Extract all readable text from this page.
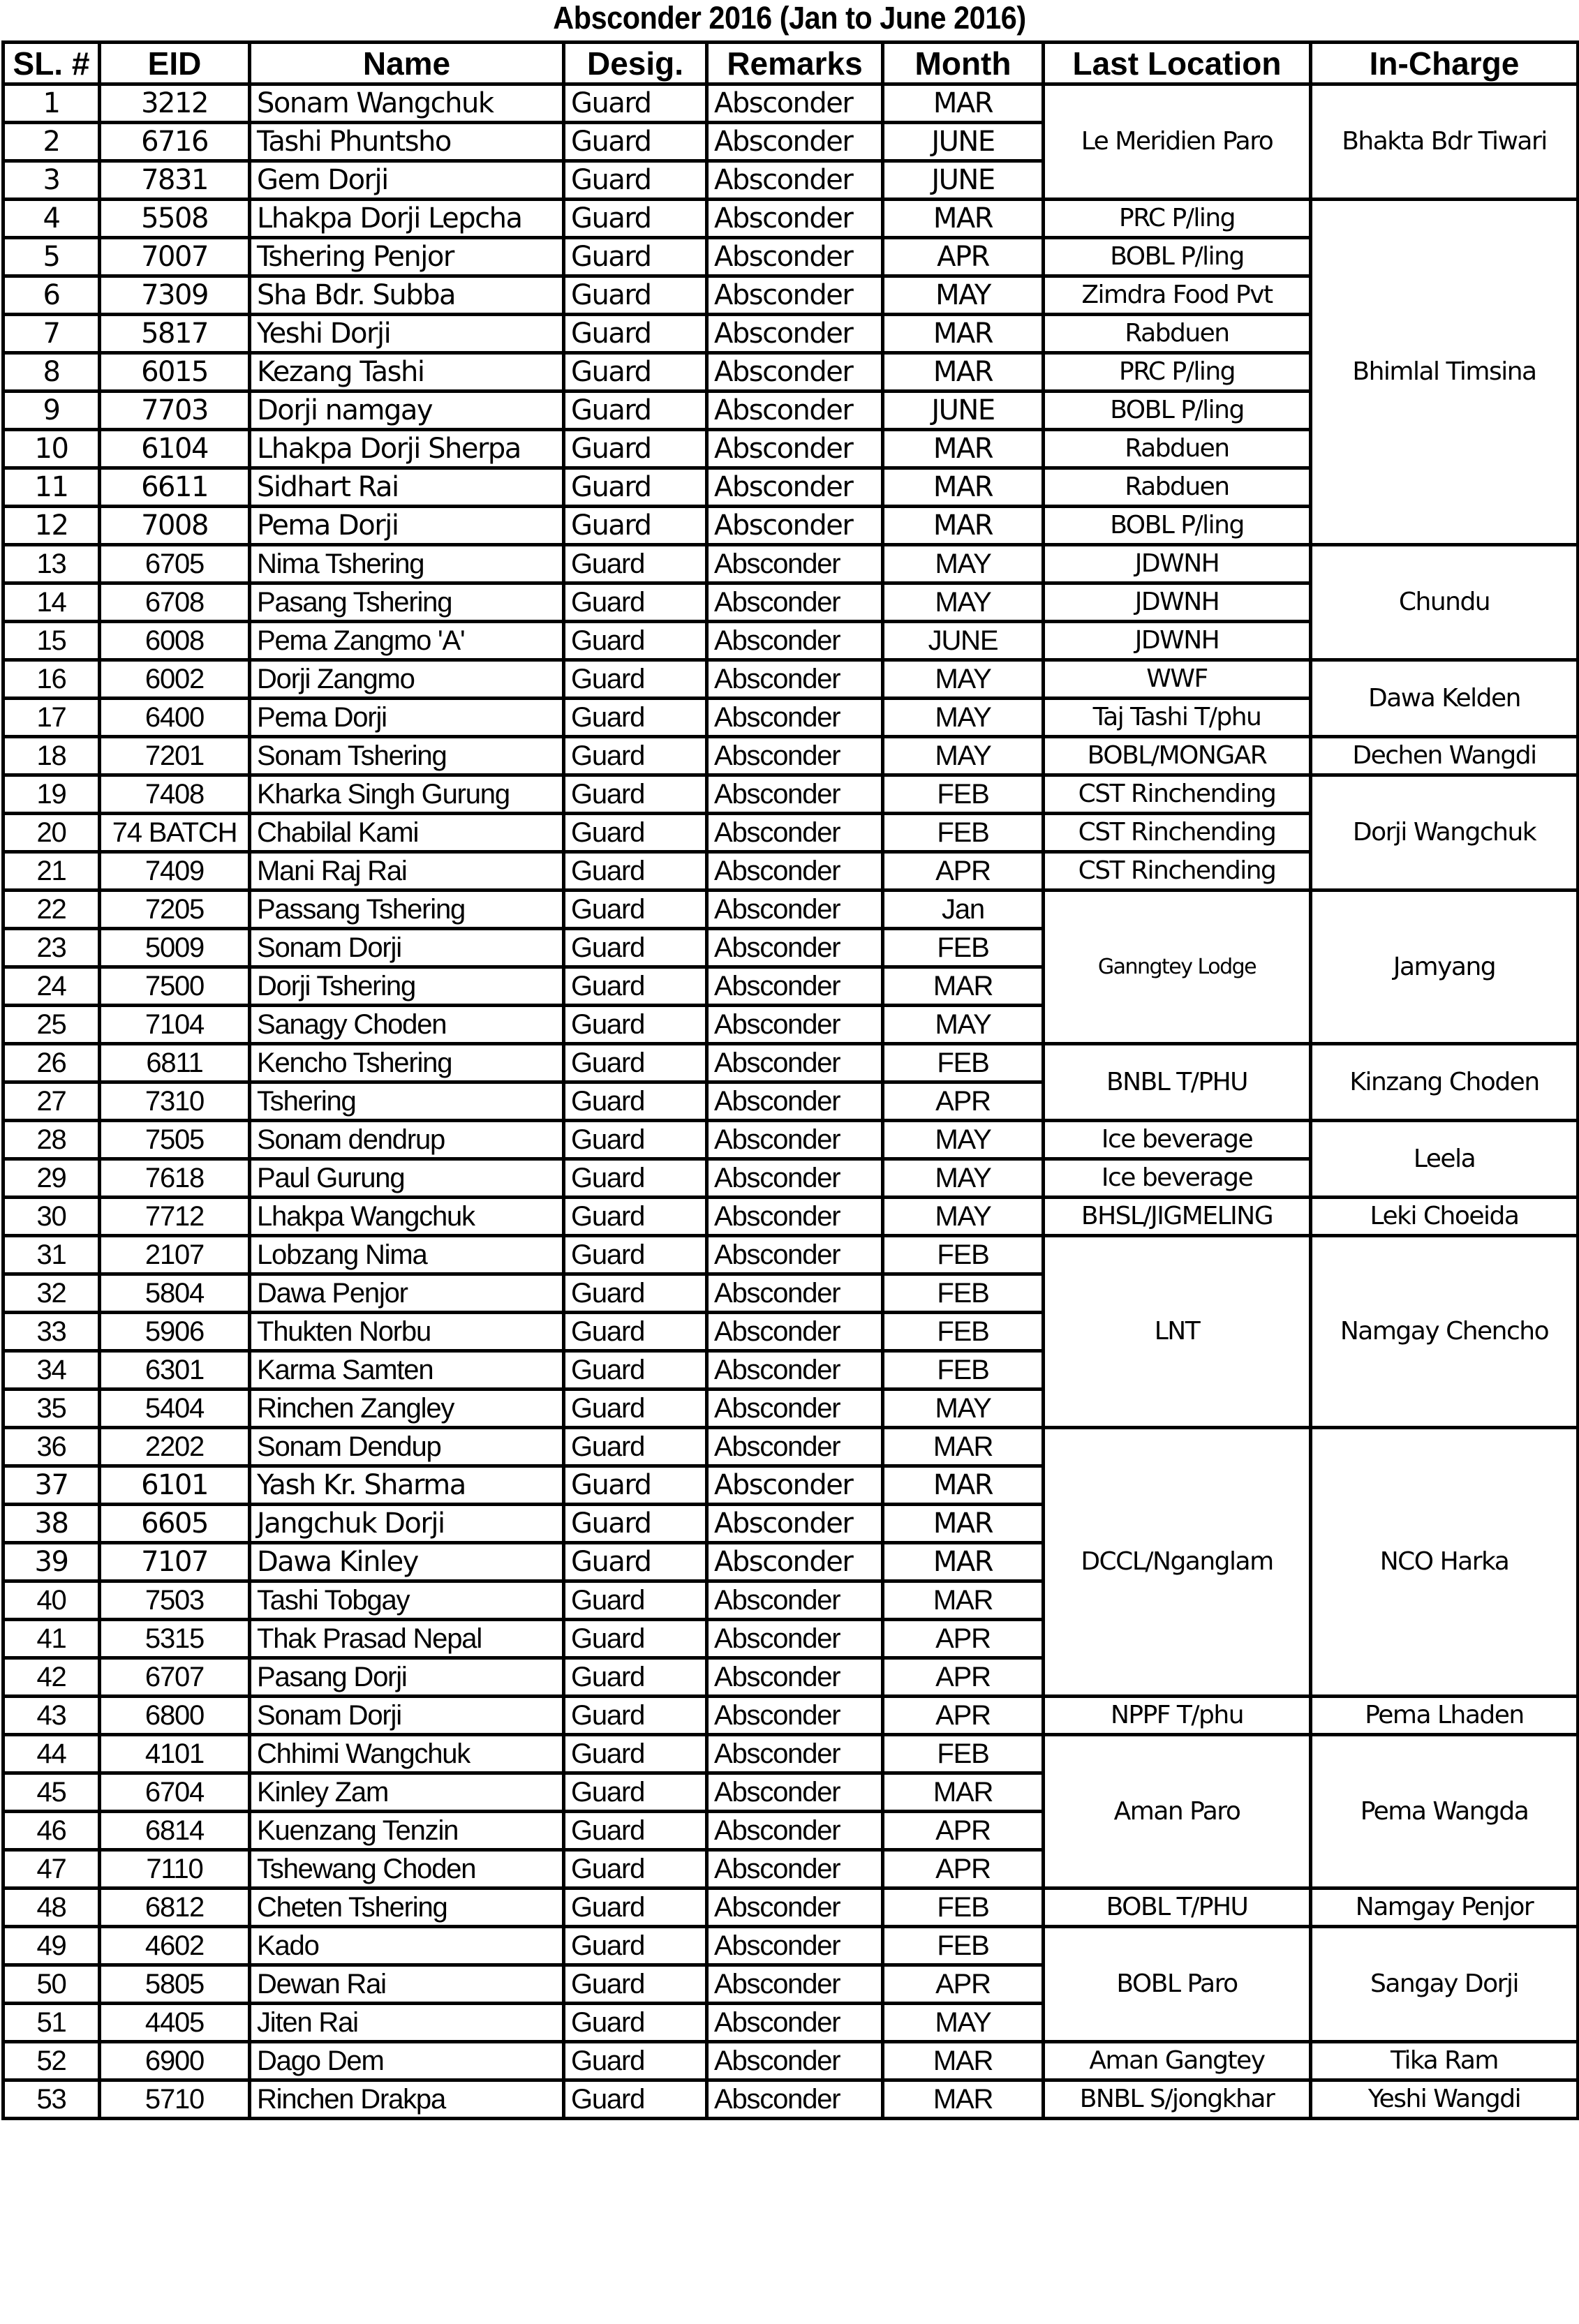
Absconder 2016 (Jan to June 2016)
SL. #	EID	Name	Desig.	Remarks	Month	Last Location	In-Charge
1	3212	Sonam Wangchuk	Guard	Absconder	MAR	Le Meridien Paro	Bhakta Bdr Tiwari
2	6716	Tashi Phuntsho	Guard	Absconder	JUNE		
3	7831	Gem Dorji	Guard	Absconder	JUNE		
4	5508	Lhakpa Dorji Lepcha	Guard	Absconder	MAR	PRC P/ling	Bhimlal Timsina
5	7007	Tshering Penjor	Guard	Absconder	APR	BOBL P/ling	
6	7309	Sha Bdr. Subba	Guard	Absconder	MAY	Zimdra Food Pvt	
7	5817	Yeshi Dorji	Guard	Absconder	MAR	Rabduen	
8	6015	Kezang Tashi	Guard	Absconder	MAR	PRC P/ling	
9	7703	Dorji namgay	Guard	Absconder	JUNE	BOBL P/ling	
10	6104	Lhakpa Dorji Sherpa	Guard	Absconder	MAR	Rabduen	
11	6611	Sidhart Rai	Guard	Absconder	MAR	Rabduen	
12	7008	Pema Dorji	Guard	Absconder	MAR	BOBL P/ling	
13	6705	Nima Tshering	Guard	Absconder	MAY	JDWNH	Chundu
14	6708	Pasang Tshering	Guard	Absconder	MAY	JDWNH	
15	6008	Pema Zangmo 'A'	Guard	Absconder	JUNE	JDWNH	
16	6002	Dorji Zangmo	Guard	Absconder	MAY	WWF	Dawa Kelden
17	6400	Pema Dorji	Guard	Absconder	MAY	Taj Tashi T/phu	
18	7201	Sonam Tshering	Guard	Absconder	MAY	BOBL/MONGAR	Dechen Wangdi
19	7408	Kharka Singh Gurung	Guard	Absconder	FEB	CST Rinchending	Dorji Wangchuk
20	74 BATCH	Chabilal Kami	Guard	Absconder	FEB	CST Rinchending	
21	7409	Mani Raj Rai	Guard	Absconder	APR	CST Rinchending	
22	7205	Passang Tshering	Guard	Absconder	Jan	Ganngtey Lodge	Jamyang
23	5009	Sonam Dorji	Guard	Absconder	FEB		
24	7500	Dorji Tshering	Guard	Absconder	MAR		
25	7104	Sanagy Choden	Guard	Absconder	MAY		
26	6811	Kencho Tshering	Guard	Absconder	FEB	BNBL T/PHU	Kinzang Choden
27	7310	Tshering	Guard	Absconder	APR		
28	7505	Sonam dendrup	Guard	Absconder	MAY	Ice beverage	Leela
29	7618	Paul Gurung	Guard	Absconder	MAY	Ice beverage	
30	7712	Lhakpa Wangchuk	Guard	Absconder	MAY	BHSL/JIGMELING	Leki Choeida
31	2107	Lobzang Nima	Guard	Absconder	FEB	LNT	Namgay Chencho
32	5804	Dawa Penjor	Guard	Absconder	FEB		
33	5906	Thukten Norbu	Guard	Absconder	FEB		
34	6301	Karma Samten	Guard	Absconder	FEB		
35	5404	Rinchen Zangley	Guard	Absconder	MAY		
36	2202	Sonam Dendup	Guard	Absconder	MAR	DCCL/Nganglam	NCO Harka
37	6101	Yash Kr. Sharma	Guard	Absconder	MAR		
38	6605	Jangchuk Dorji	Guard	Absconder	MAR		
39	7107	Dawa Kinley	Guard	Absconder	MAR		
40	7503	Tashi Tobgay	Guard	Absconder	MAR		
41	5315	Thak Prasad Nepal	Guard	Absconder	APR		
42	6707	Pasang Dorji	Guard	Absconder	APR		
43	6800	Sonam Dorji	Guard	Absconder	APR	NPPF T/phu	Pema Lhaden
44	4101	Chhimi Wangchuk	Guard	Absconder	FEB	Aman Paro	Pema Wangda
45	6704	Kinley Zam	Guard	Absconder	MAR		
46	6814	Kuenzang Tenzin	Guard	Absconder	APR		
47	7110	Tshewang Choden	Guard	Absconder	APR		
48	6812	Cheten Tshering	Guard	Absconder	FEB	BOBL T/PHU	Namgay Penjor
49	4602	Kado	Guard	Absconder	FEB	BOBL Paro	Sangay Dorji
50	5805	Dewan Rai	Guard	Absconder	APR		
51	4405	Jiten Rai	Guard	Absconder	MAY		
52	6900	Dago Dem	Guard	Absconder	MAR	Aman Gangtey	Tika Ram
53	5710	Rinchen Drakpa	Guard	Absconder	MAR	BNBL S/jongkhar	Yeshi Wangdi
